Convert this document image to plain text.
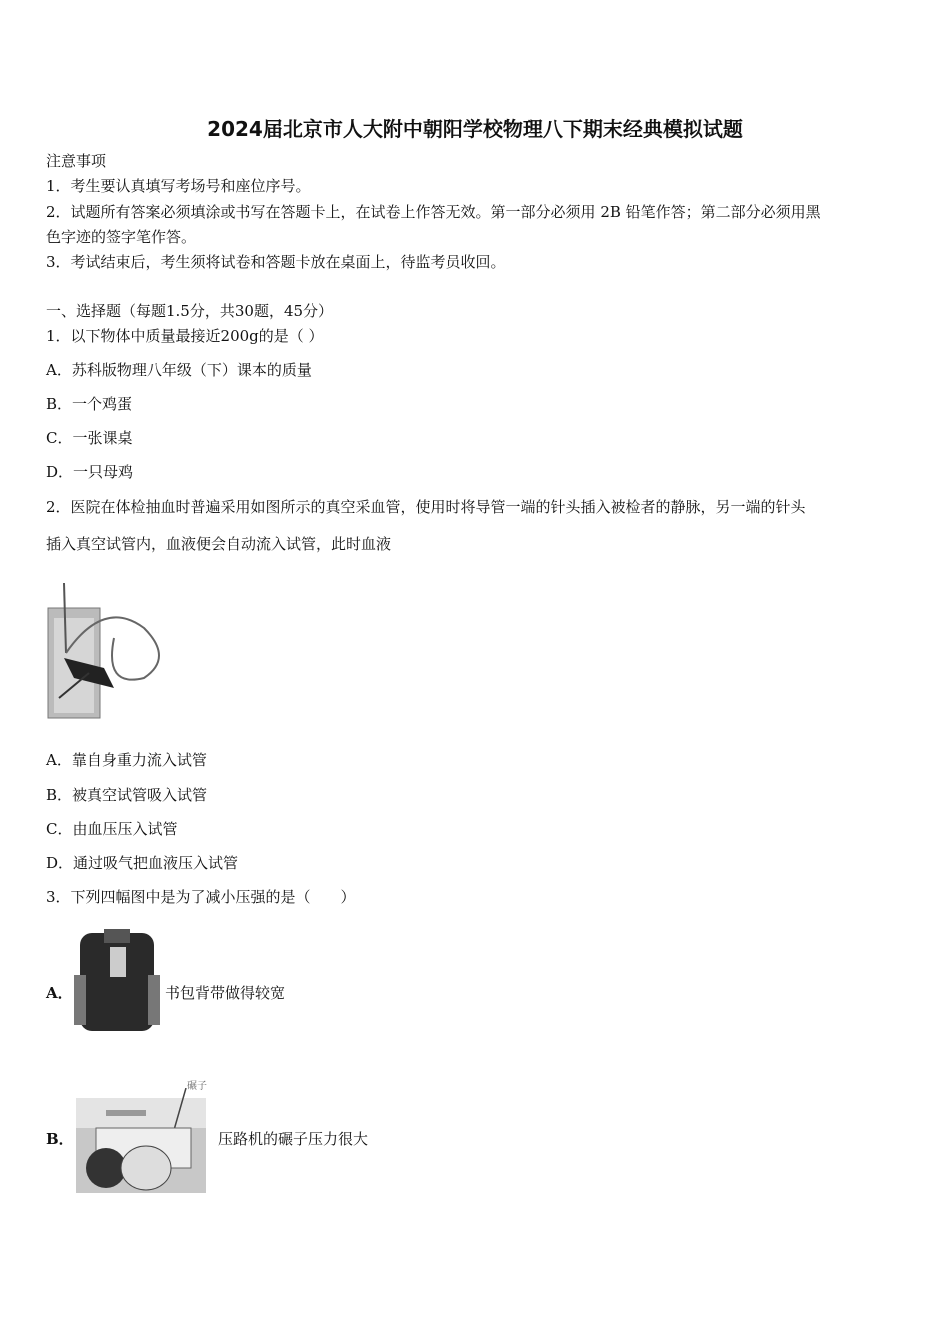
2024届北京市人大附中朝阳学校物理八下期末经典模拟试题
注意事项
1．考生要认真填写考场号和座位序号。
2．试题所有答案必须填涂或书写在答题卡上，在试卷上作答无效。第一部分必须用 2B 铅笔作答；第二部分必须用黑
色字迹的签字笔作答。
3．考试结束后，考生须将试卷和答题卡放在桌面上，待监考员收回。
一、选择题（每题1.5分，共30题，45分）
1．以下物体中质量最接近200g的是（ ）
A．苏科版物理八年级（下）课本的质量
B．一个鸡蛋
C．一张课桌
D．一只母鸡
2．医院在体检抽血时普遍采用如图所示的真空采血管，使用时将导管一端的针头插入被检者的静脉，另一端的针头
插入真空试管内，血液便会自动流入试管，此时血液
A．靠自身重力流入试管
B．被真空试管吸入试管
C．由血压压入试管
D．通过吸气把血液压入试管
3．下列四幅图中是为了减小压强的是（　　）
A．	书包背带做得较宽
碾子
B．	压路机的碾子压力很大
